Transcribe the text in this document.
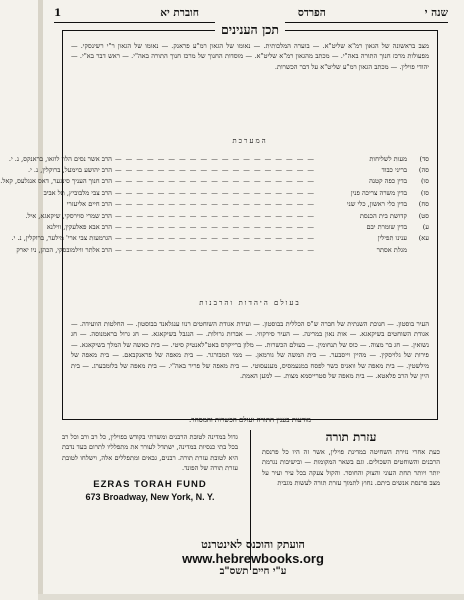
שנה י
הפרדס
חוברת יא
1
תכן הענינים
מצב בראשונה של הגאון רמ"א שליט"א. — בוערה המלכותית. — נאומו של הגאון רמ"ע פראנק. — נאומו של הגאון ר"י רשינסקי. — מפעולות מרכז חנוך התורה באה"י. — מכתב מהגאון רמ"א שליט"א. — מוסדות החנוך של מרכז חנוך התורה באה"י. — ראש דבר בא"י. — יהודי פוילין. — מכתב הגאון רמ"ע שליט"א על דבר הכשרות.
המערכת
סד)
מעות לשליחות
— — — — — — — — — — — — — — — — — — —
הרב אשר נסים הלוי לוזאו, בראנקס, נ. י.
סה)
בריני כבוד
— — — — — — — — — — — — — — — — — — —
הרב יהושע בוימעל, ברוקלין, נ. י.
סו)
בדין כפה קטנה
— — — — — — — — — — — — — — — — — — —
הרב חנוך העניך סינגער, דאס אנגלעס, קאל.
סז)
בדין משרה צריכה פנין
— — — — — — — — — — — — — — — — — — —
הרב צבי מלבוביץ, תל אביב
סח)
בדין כלי ראשון, כלי שני
— — — — — — — — — — — — — — — — — — —
הרב חיים אליעזרי
סט)
קדושת בית הכנסת
— — — — — — — — — — — — — — — — — — —
הרב שמרי סוירסקי, שיקאגא, איל.
ע)
בדין שומרת יבם
— — — — — — — — — — — — — — — — — — —
הרב אבא פאלעקין, ווילנא
עא)
ענינו תפילין
— — — — — — — — — — — — — — — — — — —
הגרמעזת צבי ארי' מילער, ברוקלין, נ. י.
מגלת אסתר
— — — — — — — — — — — — — — — — — — —
הרב אלתר ווילמובסקי, הכהן, ניו יארק
בעולם היהדות והרבנות
העיר בוסטון. — חנוכת השנתית של חברה ש"ס הכללית בבוסטון. — ועידת אגודת השוחטים רנוו ענגלאנד בבוסטון. — החלטות הוועידה. — אגודת השוחטים בשיקאגא. — אות נאון במרינה. — העיר סירקוזי. — אברות גרולות. — הנגבל בשיקאגא. — חג גרול בראמנוסה. — חג נשואין. — חג בר מצוה. — כוס של תנחומין. — בעולם הכשרות. — מלון ברייקרס באט"לאנטיק סיטי. — בית כאשה של המלך בשיקאגא. — פירות של גלויסקין. — מהיין וייסבער. — בית המשה של גורמאן. — ממי המבורגר. — בית מאפה של פראנקבאם. — בית מאפה של מילשטין. — בית מאפה של וואניס כשר לפסח במנעמסיס, מענעסוטי. — בית מאפה של פריר באה"י. — בית מאפה של בלומבערג. — בית היין של הרב פלאטא. — בית מאפה של סטרייסמא מצות. — למען האמת.
מודעות בענין התורה ועולם הכשרות והמסחר.
עזרת תורה
כעת אחרי נזירת השחיטה במדינת פוילין, אשר זה היו כל פרנסת הרבנים והשוחטים השכולים. וגם בשאר המקומות — ובישיבות נגרמת יותר ויותר תחת העוני והצוק והחוסר. והקול צעקה בכל עיר ועיר על מצב פרנסת אנשים ביתם. נחוץ לתמוך עזרת תורה לעשות מגבית
גדול במדינה לטובת הרבנים ומשרתי בקודש בפוילין, כל רב ורב וכל רב בכל בתי כנסיות במדינה, ישתדל לעורר את מתפלליו לתרום בעד נדבת היא לטובת עזרת תורה. רבנים, גבאים ומתפללים אלה, וישלחו לטובת עזרת תורה של הפונד.
EZRAS TORAH FUND
673 Broadway, New York, N. Y.
הועתק והוכנס לאינטרנט
www.hebrewbooks.org
ע"י חיים תשס"ב
